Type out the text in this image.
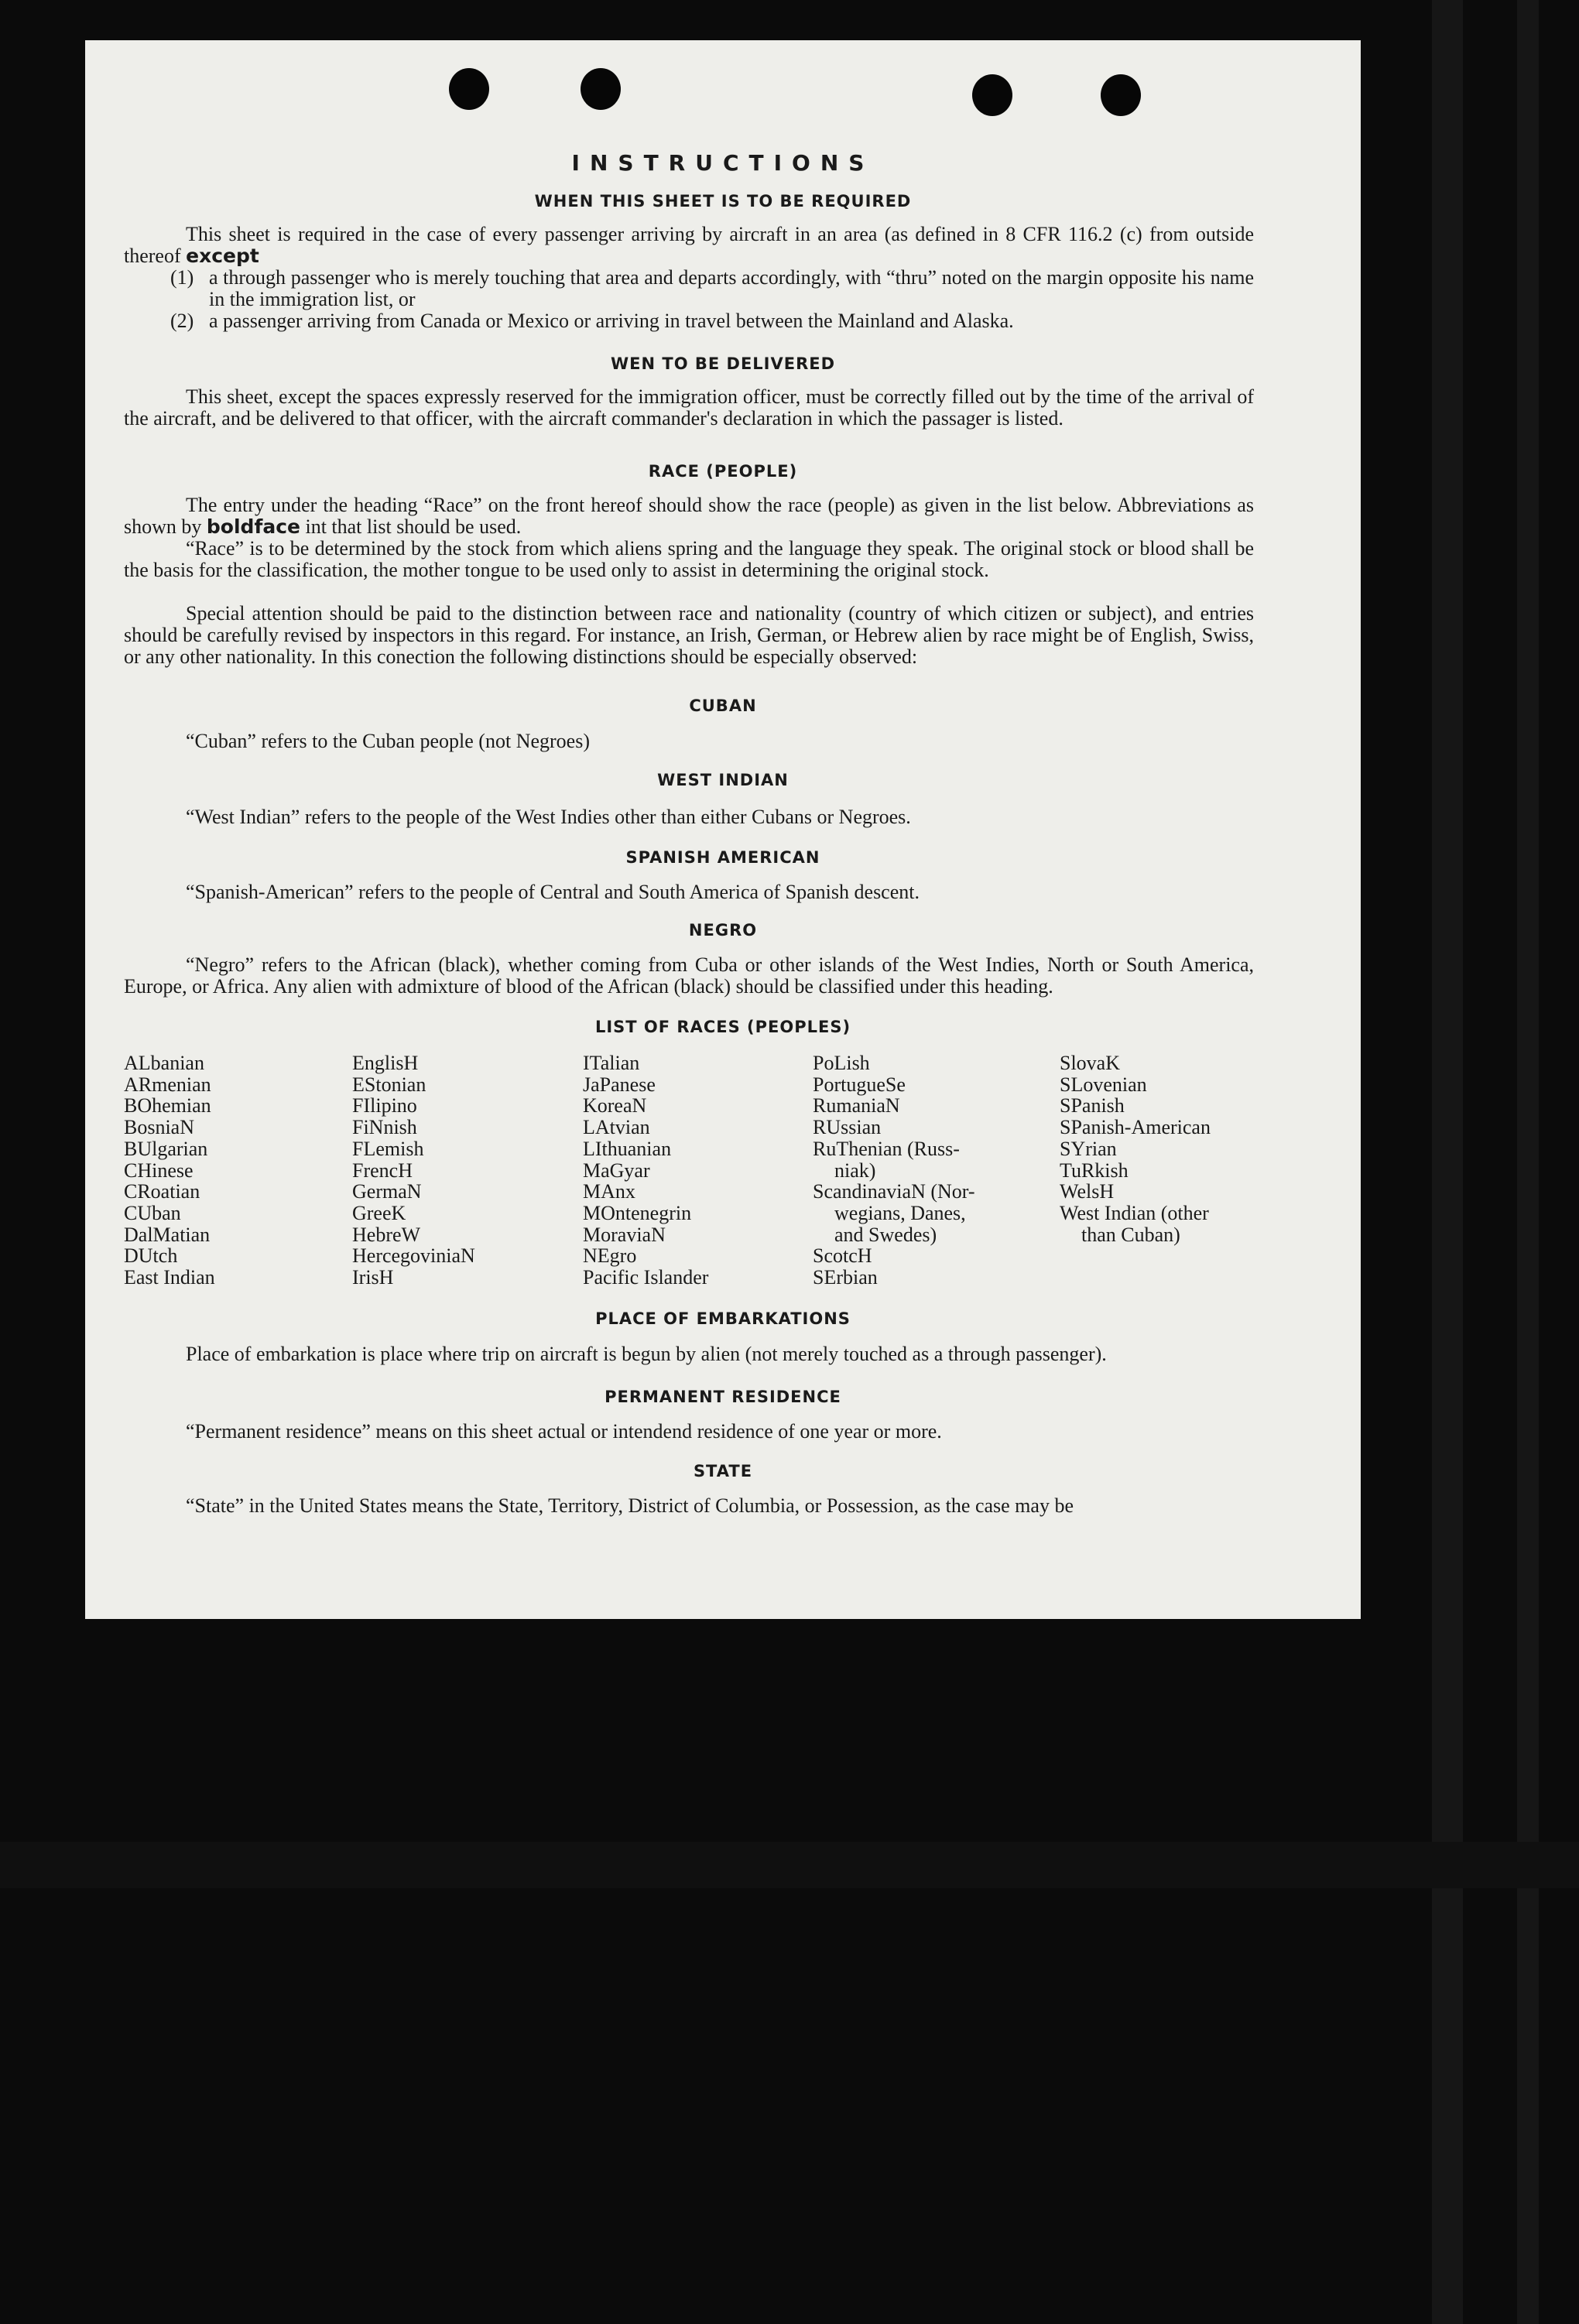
INSTRUCTIONS
WHEN THIS SHEET IS TO BE REQUIRED
This sheet is required in the case of every passenger arriving by aircraft in an area (as defined in 8 CFR 116.2 (c) from outside thereof except
(1) a through passenger who is merely touching that area and departs accordingly, with “thru” noted on the margin opposite his name in the immigration list, or
(2) a passenger arriving from Canada or Mexico or arriving in travel between the Mainland and Alaska.
WEN TO BE DELIVERED
This sheet, except the spaces expressly reserved for the immigration officer, must be correctly filled out by the time of the arrival of the aircraft, and be delivered to that officer, with the aircraft commander's declaration in which the passager is listed.
RACE (PEOPLE)
The entry under the heading “Race” on the front hereof should show the race (people) as given in the list below. Abbreviations as shown by boldface int that list should be used.
“Race” is to be determined by the stock from which aliens spring and the language they speak. The original stock or blood shall be the basis for the classification, the mother tongue to be used only to assist in determining the original stock.
Special attention should be paid to the distinction between race and nationality (country of which citizen or subject), and entries should be carefully revised by inspectors in this regard. For instance, an Irish, German, or Hebrew alien by race might be of English, Swiss, or any other nationality. In this conection the following distinctions should be especially observed:
CUBAN
“Cuban” refers to the Cuban people (not Negroes)
WEST INDIAN
“West Indian” refers to the people of the West Indies other than either Cubans or Negroes.
SPANISH AMERICAN
“Spanish-American” refers to the people of Central and South America of Spanish descent.
NEGRO
“Negro” refers to the African (black), whether coming from Cuba or other islands of the West Indies, North or South America, Europe, or Africa. Any alien with admixture of blood of the African (black) should be classified under this heading.
LIST OF RACES (PEOPLES)
ALbanian
ARmenian
BOhemian
BosniaN
BUlgarian
CHinese
CRoatian
CUban
DalMatian
DUtch
East Indian
EnglisH
EStonian
FIlipino
FiNnish
FLemish
FrencH
GermaN
GreeK
HebreW
HercegoviniaN
IrisH
ITalian
JaPanese
KoreaN
LAtvian
LIthuanian
MaGyar
MAnx
MOntenegrin
MoraviaN
NEgro
Pacific Islander
PoLish
PortugueSe
RumaniaN
RUssian
RuThenian (Russ-
niak)
ScandinaviaN (Nor-
wegians, Danes,
and Swedes)
ScotcH
SErbian
SlovaK
SLovenian
SPanish
SPanish-American
SYrian
TuRkish
WelsH
West Indian (other
than Cuban)
PLACE OF EMBARKATIONS
Place of embarkation is place where trip on aircraft is begun by alien (not merely touched as a through passenger).
PERMANENT RESIDENCE
“Permanent residence” means on this sheet actual or intendend residence of one year or more.
STATE
“State” in the United States means the State, Territory, District of Columbia, or Possession, as the case may be
